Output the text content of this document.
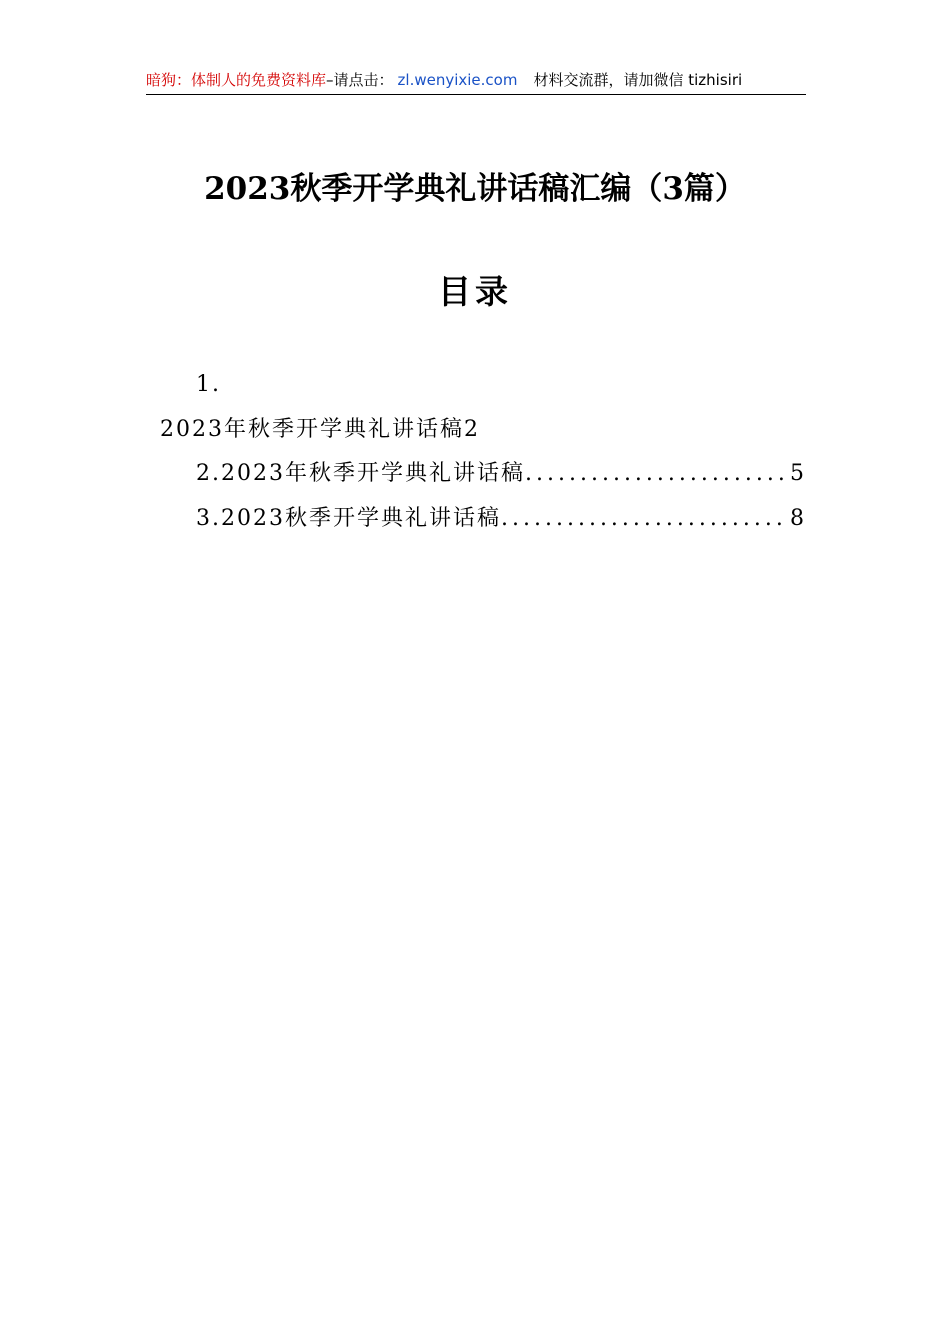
暗狗：体制人的免费资料库–请点击： zl.wenyixie.com 材料交流群，请加微信 tizhisiri
2023秋季开学典礼讲话稿汇编（3篇）
目录
1.
2023年秋季开学典礼讲话稿2
2. 2023年秋季开学典礼讲话稿 .....	5
3. 2023秋季开学典礼讲话稿 .....	8
